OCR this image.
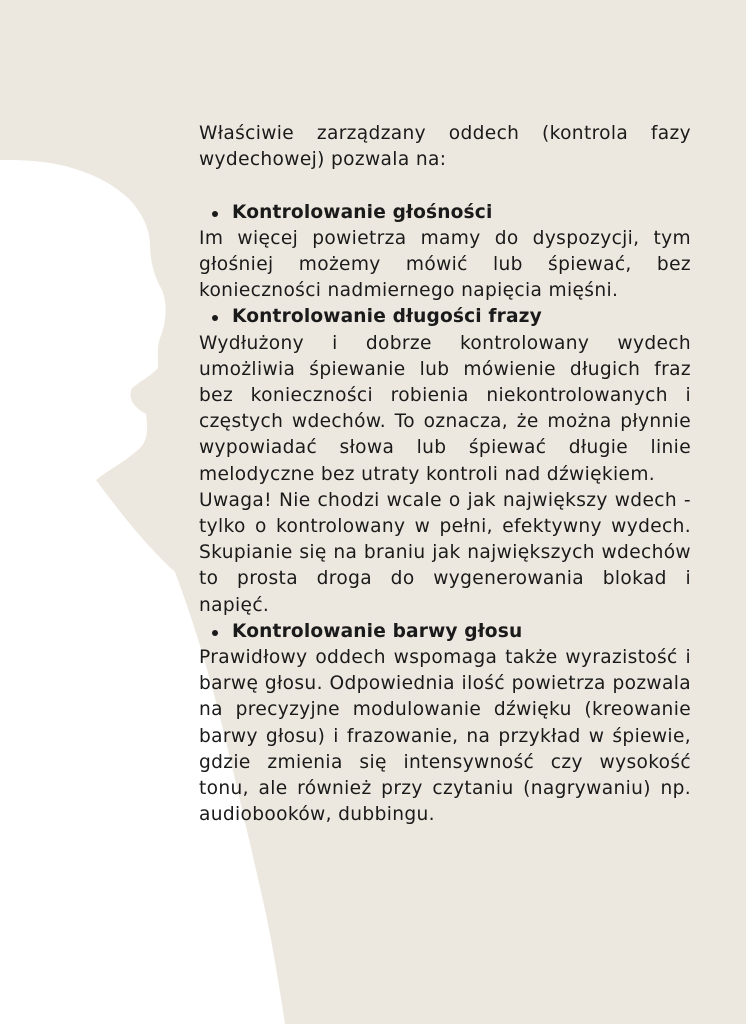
Właściwie zarządzany oddech (kontrola fazy wydechowej) pozwala na:

Kontrolowanie głośności

Im więcej powietrza mamy do dyspozycji, tym głośniej możemy mówić lub śpiewać, bez konieczności nadmiernego napięcia mięśni.

Kontrolowanie długości frazy

Wydłużony i dobrze kontrolowany wydech umożliwia śpiewanie lub mówienie długich fraz bez konieczności robienia niekontrolowanych i częstych wdechów. To oznacza, że można płynnie wypowiadać słowa lub śpiewać długie linie melodyczne bez utraty kontroli nad dźwiękiem.

Uwaga! Nie chodzi wcale o jak największy wdech - tylko o kontrolowany w pełni, efektywny wydech. Skupianie się na braniu jak największych wdechów to prosta droga do wygenerowania blokad i napięć.

Kontrolowanie barwy głosu

Prawidłowy oddech wspomaga także wyrazistość i barwę głosu. Odpowiednia ilość powietrza pozwala na precyzyjne modulowanie dźwięku (kreowanie barwy głosu) i frazowanie, na przykład w śpiewie, gdzie zmienia się intensywność czy wysokość tonu, ale również przy czytaniu (nagrywaniu) np. audiobooków, dubbingu.
